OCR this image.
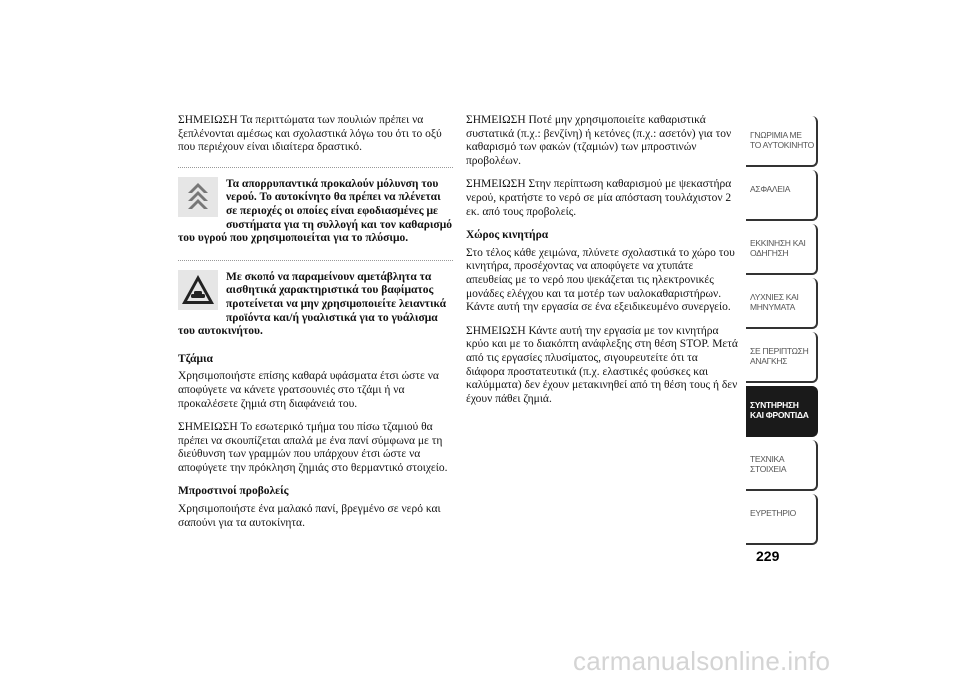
ΣΗΜΕΙΩΣΗ Τα περιττώματα των πουλιών πρέπει να ξεπλένονται αμέσως και σχολαστικά λόγω του ότι το οξύ που περιέχουν είναι ιδιαίτερα δραστικό.

Τα απορρυπαντικά προκαλούν μόλυνση του νερού. Το αυτοκίνητο θα πρέπει να πλένεται σε περιοχές οι οποίες είναι εφοδιασμένες με συστήματα για τη συλλογή και τον καθαρισμό του υγρού που χρησιμοποιείται για το πλύσιμο.
Με σκοπό να παραμείνουν αμετάβλητα τα αισθητικά χαρακτηριστικά του βαφίματος προτείνεται να μην χρησιμοποιείτε λειαντικά προϊόντα και/ή γυαλιστικά για το γυάλισμα του αυτοκινήτου.

Τζάμια

Χρησιμοποιήστε επίσης καθαρά υφάσματα έτσι ώστε να αποφύγετε να κάνετε γρατσουνιές στο τζάμι ή να προκαλέσετε ζημιά στη διαφάνειά του.

ΣΗΜΕΙΩΣΗ Το εσωτερικό τμήμα του πίσω τζαμιού θα πρέπει να σκουπίζεται απαλά με ένα πανί σύμφωνα με τη διεύθυνση των γραμμών που υπάρχουν έτσι ώστε να αποφύγετε την πρόκληση ζημιάς στο θερμαντικό στοιχείο.

Μπροστινοί προβολείς

Χρησιμοποιήστε ένα μαλακό πανί, βρεγμένο σε νερό και σαπούνι για τα αυτοκίνητα.

ΣΗΜΕΙΩΣΗ Ποτέ μην χρησιμοποιείτε καθαριστικά συστατικά (π.χ.: βενζίνη) ή κετόνες (π.χ.: ασετόν) για τον καθαρισμό των φακών (τζαμιών) των μπροστινών προβολέων.

ΣΗΜΕΙΩΣΗ Στην περίπτωση καθαρισμού με ψεκαστήρα νερού, κρατήστε το νερό σε μία απόσταση τουλάχιστον 2 εκ. από τους προβολείς.

Χώρος κινητήρα

Στο τέλος κάθε χειμώνα, πλύνετε σχολαστικά το χώρο του κινητήρα, προσέχοντας να αποφύγετε να χτυπάτε απευθείας με το νερό που ψεκάζεται τις ηλεκτρονικές μονάδες ελέγχου και τα μοτέρ των υαλοκαθαριστήρων. Κάντε αυτή την εργασία σε ένα εξειδικευμένο συνεργείο.

ΣΗΜΕΙΩΣΗ Κάντε αυτή την εργασία με τον κινητήρα κρύο και με το διακόπτη ανάφλεξης στη θέση STOP. Μετά από τις εργασίες πλυσίματος, σιγουρευτείτε ότι τα διάφορα προστατευτικά (π.χ. ελαστικές φούσκες και καλύμματα) δεν έχουν μετακινηθεί από τη θέση τους ή δεν έχουν πάθει ζημιά.

ΓΝΩΡΙΜΙΑ ΜΕ ΤΟ ΑΥΤΟΚΙΝΗΤΟ
ΑΣΦΑΛΕΙΑ
ΕΚΚΙΝΗΣΗ ΚΑΙ ΟΔΗΓΗΣΗ
ΛΥΧΝΙΕΣ ΚΑΙ ΜΗΝΥΜΑΤΑ
ΣΕ ΠΕΡΙΠΤΩΣΗ ΑΝΑΓΚΗΣ
ΣΥΝΤΗΡΗΣΗ ΚΑΙ ΦΡΟΝΤΙΔΑ
ΤΕΧΝΙΚΑ ΣΤΟΙΧΕΙΑ
ΕΥΡΕΤΗΡΙΟ
229
carmanualsonline.info
